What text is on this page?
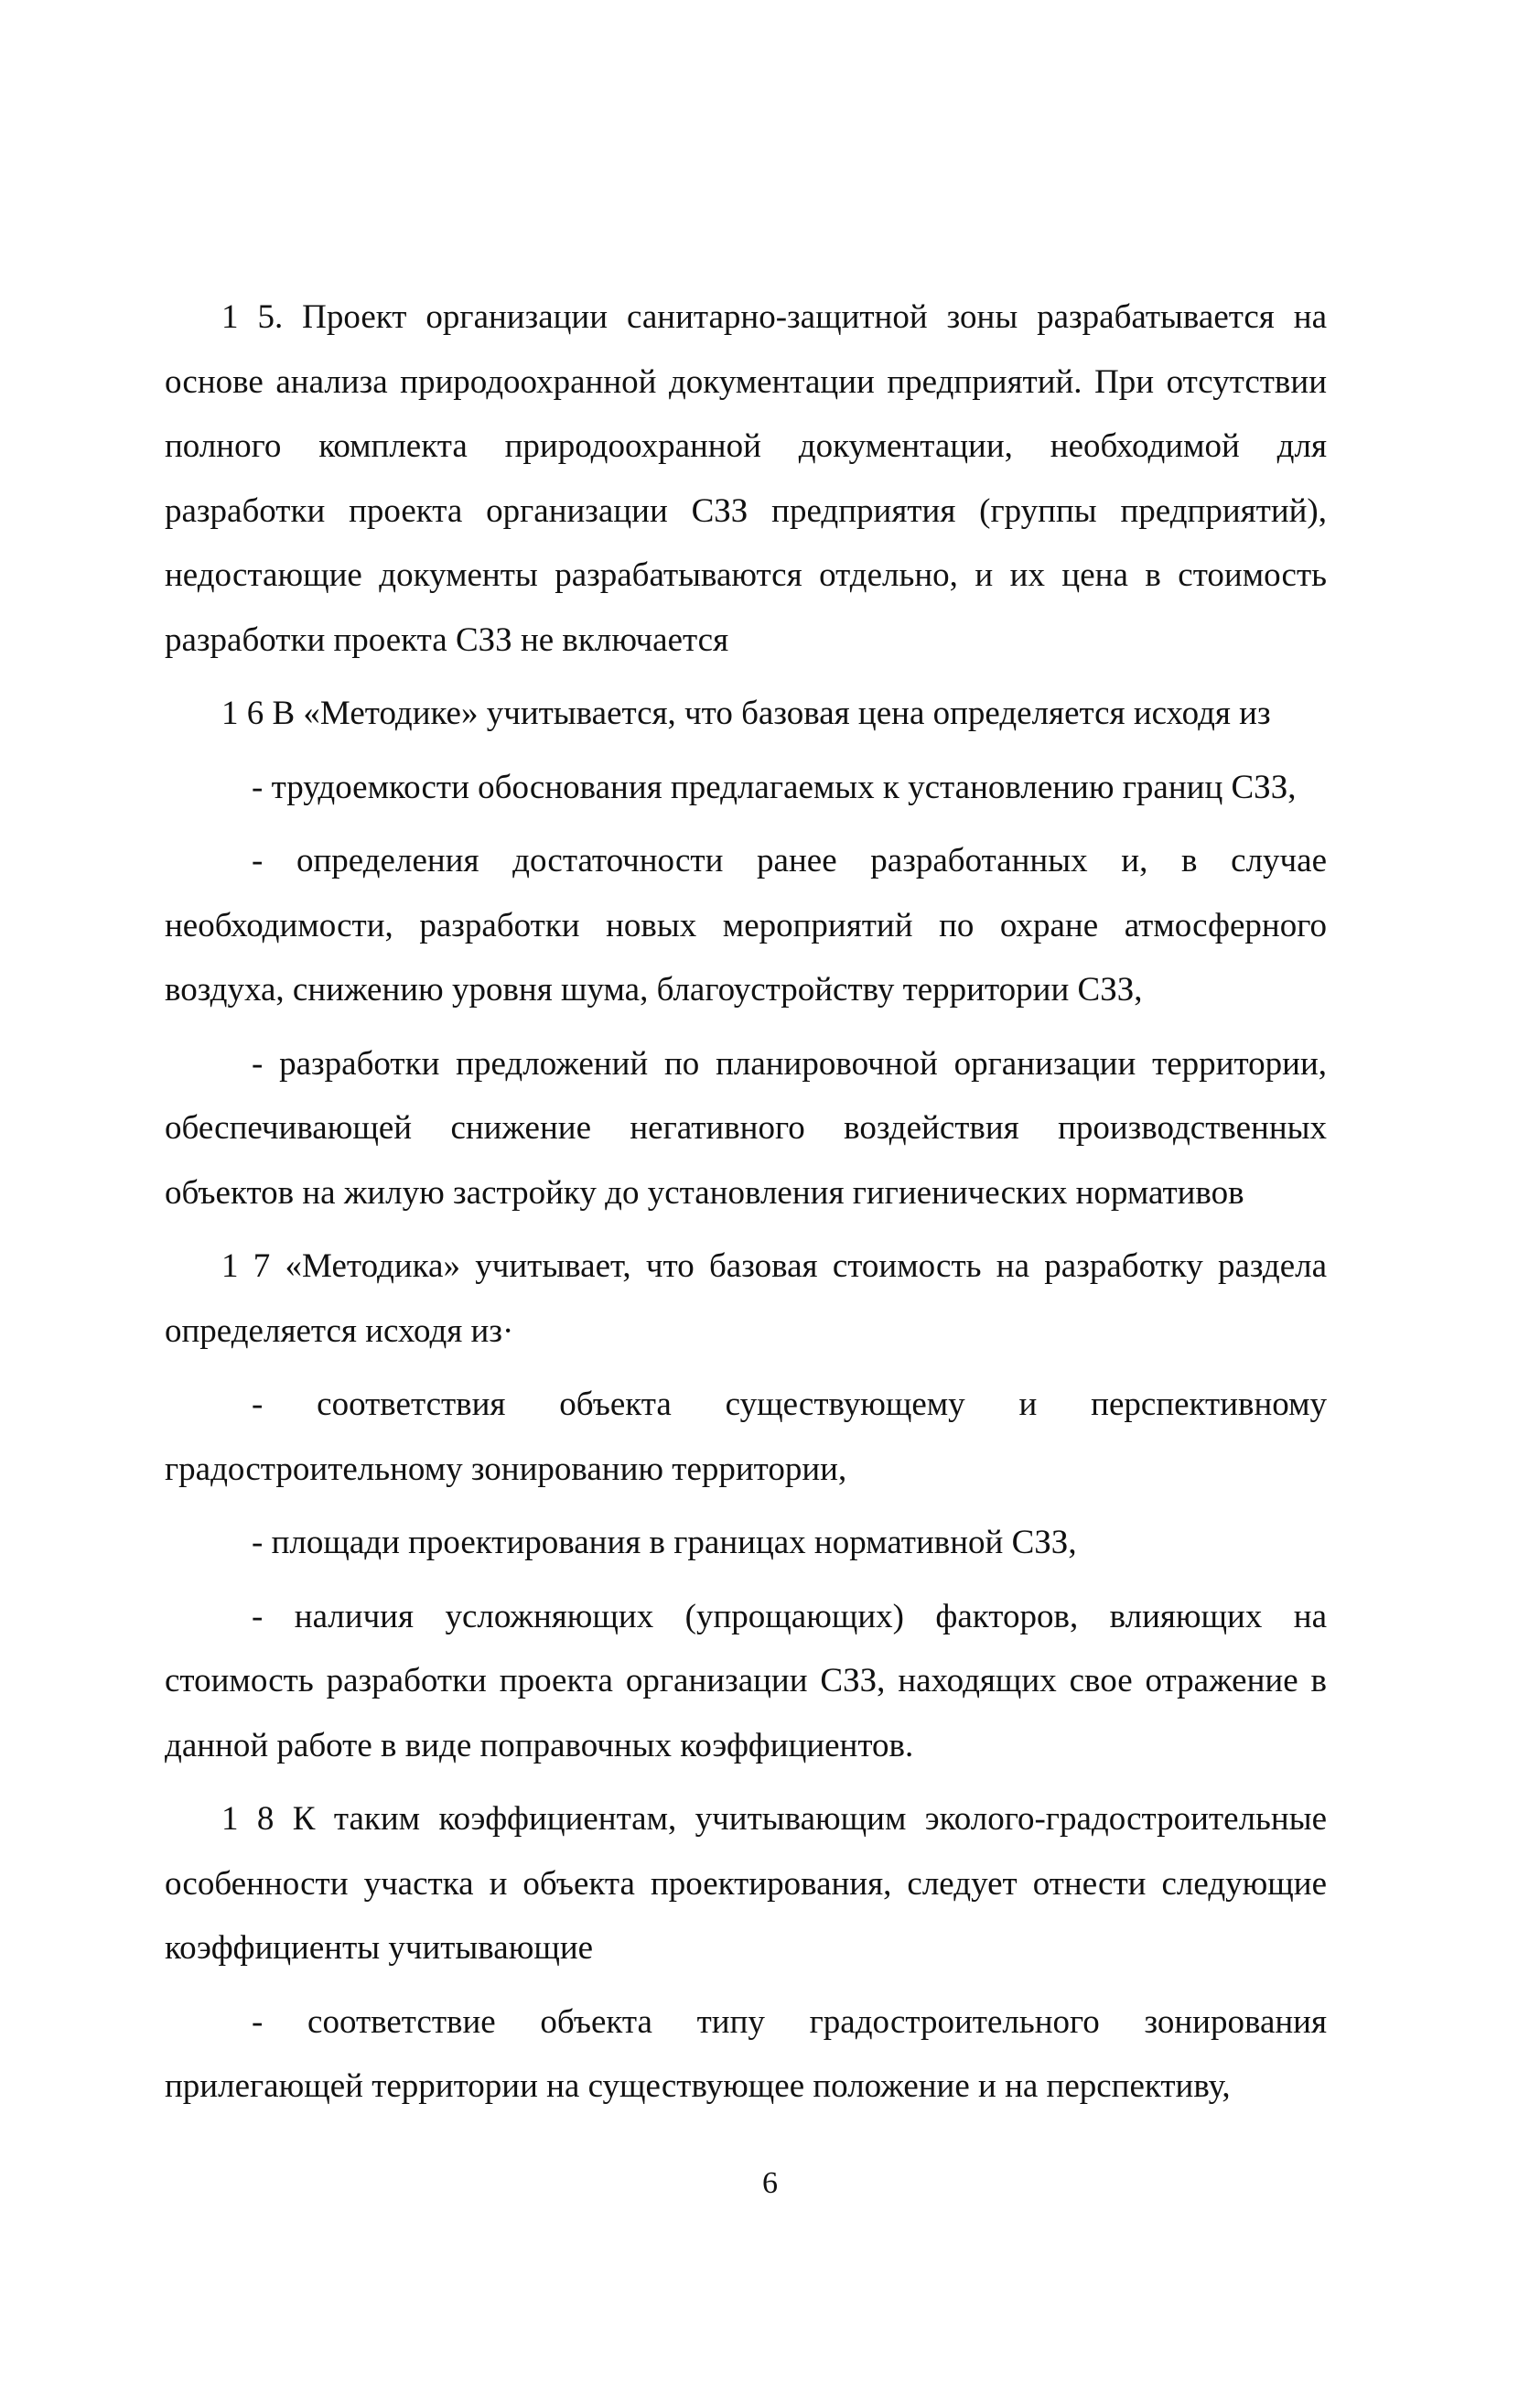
1 5. Проект организации санитарно-защитной зоны разрабатывается на основе анализа природоохранной документации предприятий. При отсутствии полного комплекта природоохранной документации, необходимой для разработки проекта организации СЗЗ предприятия (группы предприятий), недостающие документы разрабатываются отдельно, и их цена в стоимость разработки проекта СЗЗ не включается

1 6 В «Методике» учитывается, что базовая цена определяется исходя из

- трудоемкости обоснования предлагаемых к установлению границ СЗЗ,

- определения достаточности ранее разработанных и, в случае необходимости, разработки новых мероприятий по охране атмосферного воздуха, снижению уровня шума, благоустройству территории СЗЗ,

- разработки предложений по планировочной организации территории, обеспечивающей снижение негативного воздействия производственных объектов на жилую застройку до установления гигиенических нормативов

1 7 «Методика» учитывает, что базовая стоимость на разработку раздела определяется исходя из·

- соответствия объекта существующему и перспективному градостроительному зонированию территории,

- площади проектирования в границах нормативной СЗЗ,

- наличия усложняющих (упрощающих) факторов, влияющих на стоимость разработки проекта организации СЗЗ, находящих свое отражение в данной работе в виде поправочных коэффициентов.

1 8 К таким коэффициентам, учитывающим эколого-градостроительные особенности участка и объекта проектирования, следует отнести следующие коэффициенты учитывающие

- соответствие объекта типу градостроительного зонирования прилегающей территории на существующее положение и на перспективу,

6
